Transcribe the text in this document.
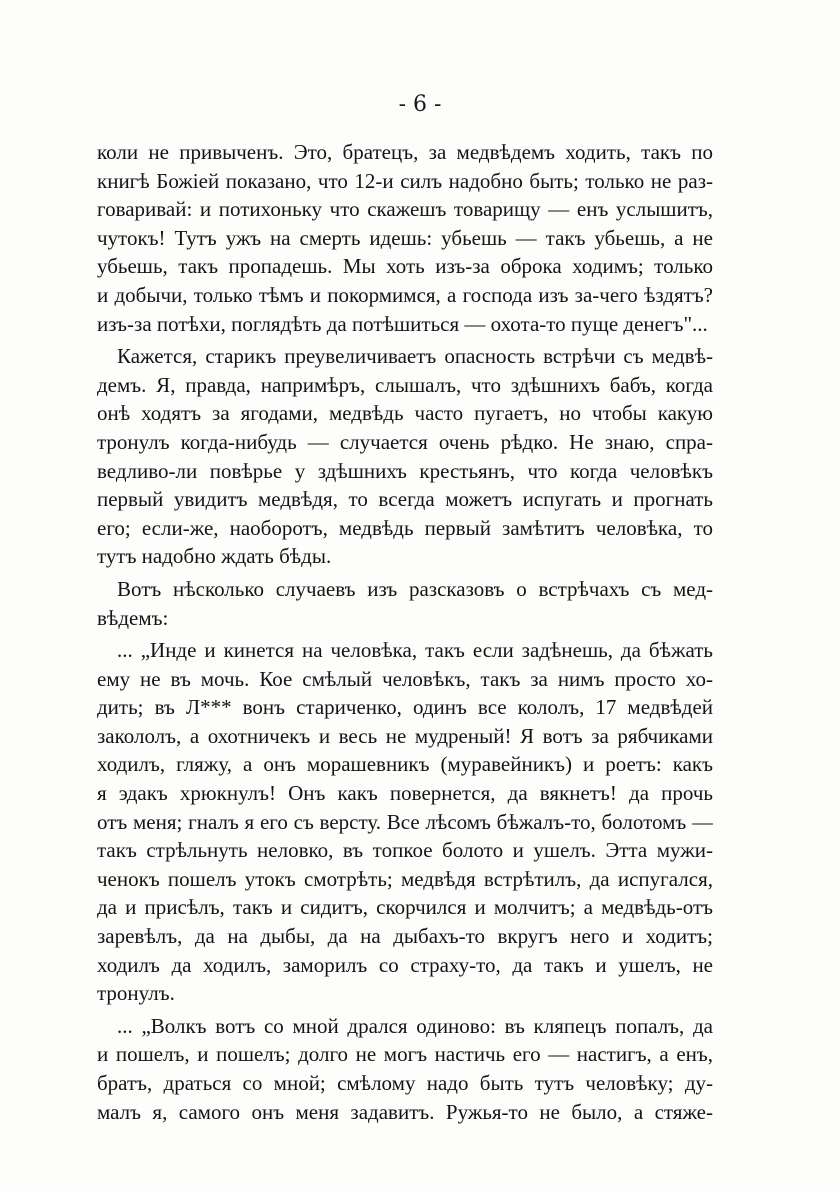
- 6 -
коли не привыченъ. Это, братецъ, за медвѣдемъ ходить, такъ по
книгѣ Божiей показано, что 12-и силъ надобно быть; только не раз-
говаривай: и потихоньку что скажешъ товарищу — енъ услышитъ,
чутокъ! Тутъ ужъ на смерть идешь: убьешь — такъ убьешь, а не
убьешь, такъ пропадешь. Мы хоть изъ-за оброка ходимъ; только
и добычи, только тѣмъ и покормимся, а господа изъ за-чего ѣздятъ?
изъ-за потѣхи, поглядѣть да потѣшиться — охота-то пуще денегъ"...
Кажется, старикъ преувеличиваетъ опасность встрѣчи съ медвѣ-
демъ. Я, правда, напримѣръ, слышалъ, что здѣшнихъ бабъ, когда
онѣ ходятъ за ягодами, медвѣдь часто пугаетъ, но чтобы какую
тронулъ когда-нибудь — случается очень рѣдко. Не знаю, спра-
ведливо-ли повѣрье у здѣшнихъ крестьянъ, что когда человѣкъ
первый увидитъ медвѣдя, то всегда можетъ испугать и прогнать
его; если-же, наоборотъ, медвѣдь первый замѣтитъ человѣка, то
тутъ надобно ждать бѣды.
Вотъ нѣсколько случаевъ изъ разсказовъ о встрѣчахъ съ мед-
вѣдемъ:
... „Инде и кинется на человѣка, такъ если задѣнешь, да бѣжать
ему не въ мочь. Кое смѣлый человѣкъ, такъ за нимъ просто хо-
дить; въ Л*** вонъ стариченко, одинъ все кололъ, 17 медвѣдей
закололъ, а охотничекъ и весь не мудреный! Я вотъ за рябчиками
ходилъ, гляжу, а онъ морашевникъ (муравейникъ) и роетъ: какъ
я эдакъ хрюкнулъ! Онъ какъ повернется, да вякнетъ! да прочь
отъ меня; гналъ я его съ версту. Все лѣсомъ бѣжалъ-то, болотомъ —
такъ стрѣльнуть неловко, въ топкое болото и ушелъ. Этта мужи-
ченокъ пошелъ утокъ смотрѣть; медвѣдя встрѣтилъ, да испугался,
да и присѣлъ, такъ и сидитъ, скорчился и молчитъ; а медвѣдь-отъ
заревѣлъ, да на дыбы, да на дыбахъ-то вкругъ него и ходитъ;
ходилъ да ходилъ, заморилъ со страху-то, да такъ и ушелъ, не
тронулъ.
... „Волкъ вотъ со мной дрался одиново: въ кляпецъ попалъ, да
и пошелъ, и пошелъ; долго не могъ настичь его — настигъ, а енъ,
братъ, драться со мной; смѣлому надо быть тутъ человѣку; ду-
малъ я, самого онъ меня задавитъ. Ружья-то не было, а стяже-
